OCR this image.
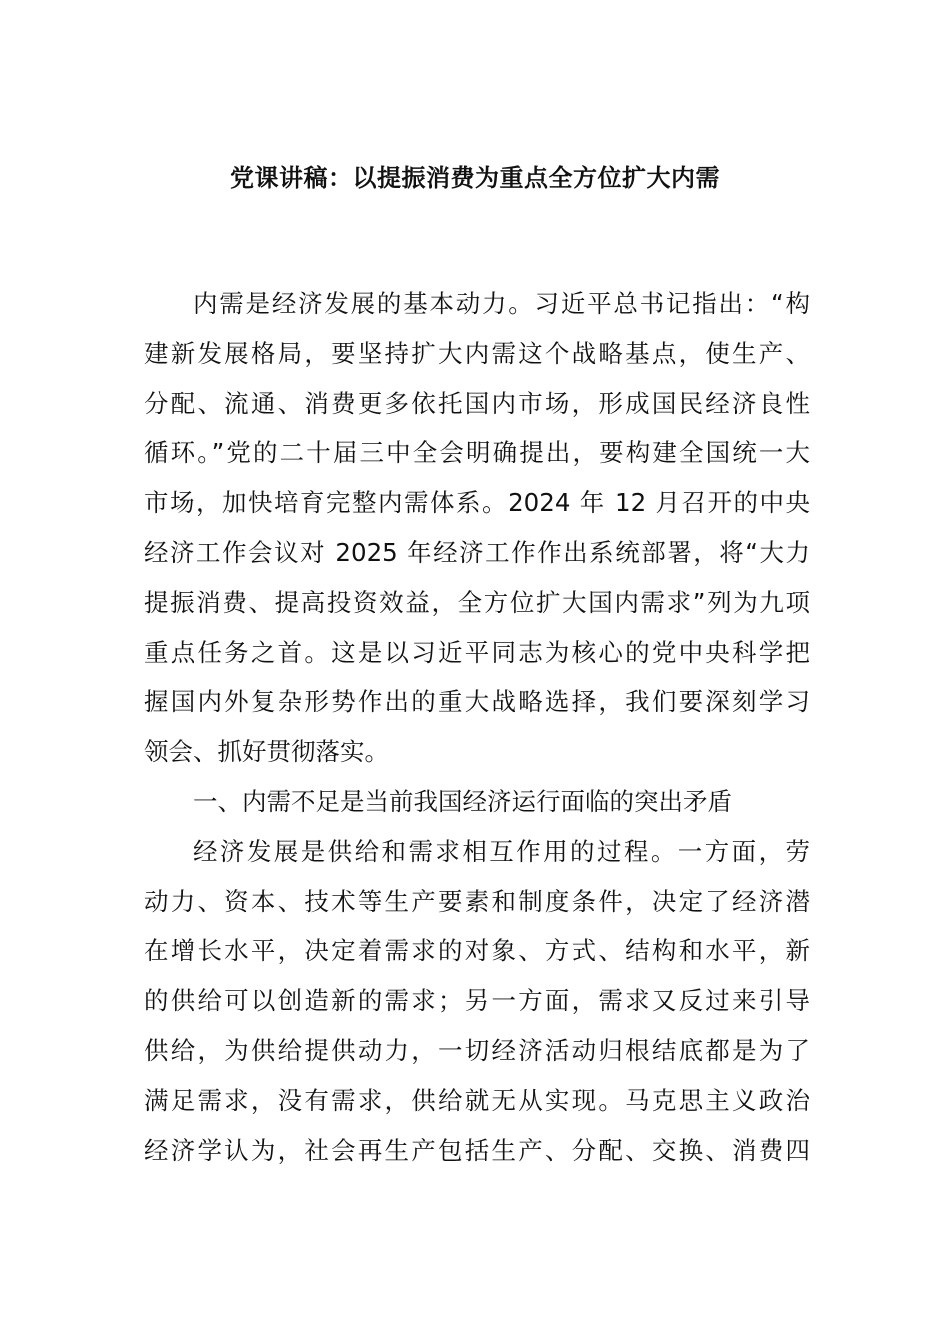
党课讲稿：以提振消费为重点全方位扩大内需
内需是经济发展的基本动力。习近平总书记指出：“构
建新发展格局，要坚持扩大内需这个战略基点，使生产、
分配、流通、消费更多依托国内市场，形成国民经济良性
循环。”党的二十届三中全会明确提出，要构建全国统一大
市场，加快培育完整内需体系。2024 年 12 月召开的中央
经济工作会议对 2025 年经济工作作出系统部署，将“大力
提振消费、提高投资效益，全方位扩大国内需求”列为九项
重点任务之首。这是以习近平同志为核心的党中央科学把
握国内外复杂形势作出的重大战略选择，我们要深刻学习
领会、抓好贯彻落实。
一、内需不足是当前我国经济运行面临的突出矛盾
经济发展是供给和需求相互作用的过程。一方面，劳
动力、资本、技术等生产要素和制度条件，决定了经济潜
在增长水平，决定着需求的对象、方式、结构和水平，新
的供给可以创造新的需求；另一方面，需求又反过来引导
供给，为供给提供动力，一切经济活动归根结底都是为了
满足需求，没有需求，供给就无从实现。马克思主义政治
经济学认为，社会再生产包括生产、分配、交换、消费四
